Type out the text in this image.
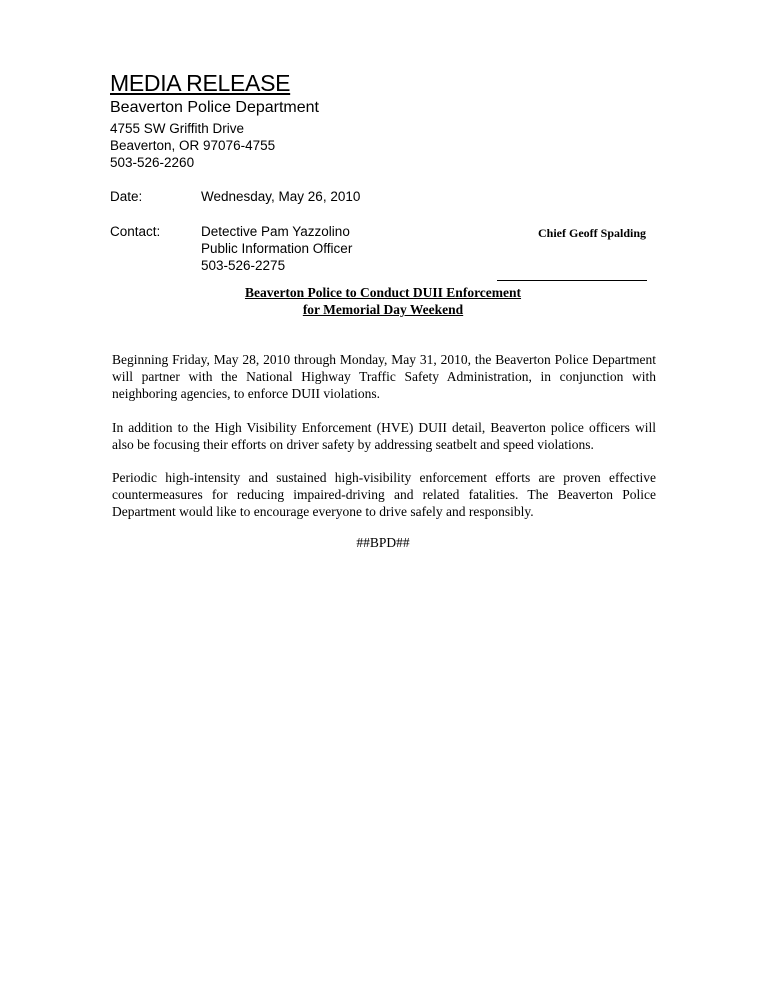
MEDIA RELEASE
Beaverton Police Department
4755 SW Griffith Drive
Beaverton, OR 97076-4755
503-526-2260
Date:	Wednesday, May 26, 2010
Contact:	Detective Pam Yazzolino
Public Information Officer
503-526-2275
Chief Geoff Spalding
Beaverton Police to Conduct DUII Enforcement
for Memorial Day Weekend

Beginning Friday, May 28, 2010 through Monday, May 31, 2010, the Beaverton Police Department will partner with the National Highway Traffic Safety Administration, in conjunction with neighboring agencies, to enforce DUII violations.

In addition to the High Visibility Enforcement (HVE) DUII detail, Beaverton police officers will also be focusing their efforts on driver safety by addressing seatbelt and speed violations.

Periodic high-intensity and sustained high-visibility enforcement efforts are proven effective countermeasures for reducing impaired-driving and related fatalities. The Beaverton Police Department would like to encourage everyone to drive safely and responsibly.

##BPD##
